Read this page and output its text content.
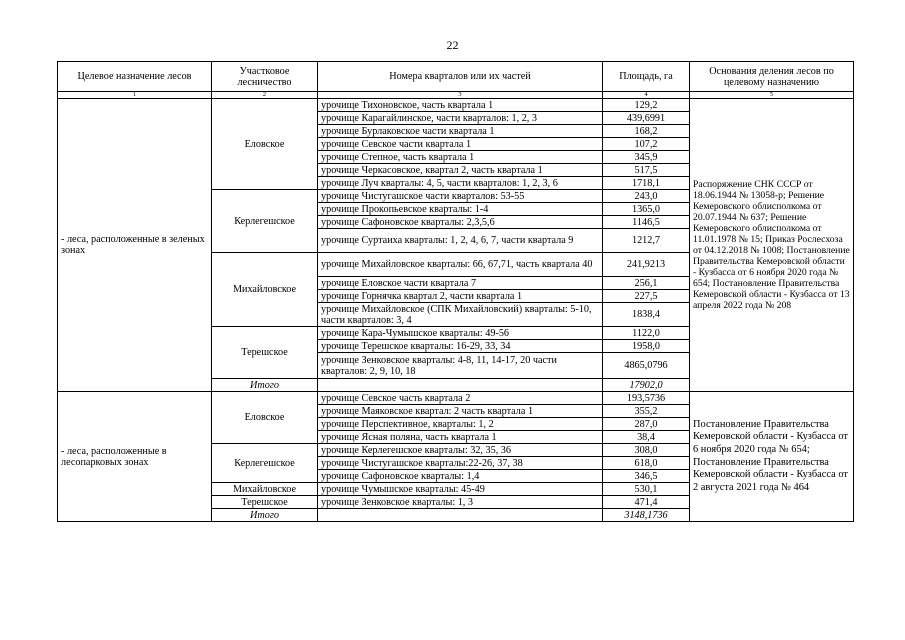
22
Целевое назначение лесов	Участковое лесничество	Номера кварталов или их частей	Площадь, га	Основания деления лесов по целевому назначению
1	2	3	4	5
- леса, расположенные в зеленых зонах	Еловское	урочище Тихоновское, часть квартала 1	129,2	Распоряжение СНК СССР от 18.06.1944 № 13058-р; Решение Кемеровского облисполкома от 20.07.1944 № 637; Решение Кемеровского облисполкома от 11.01.1978 № 15; Приказ Рослесхоза от 04.12.2018 № 1008; Постановление Правительства Кемеровской области - Кузбасса от 6 ноября 2020 года № 654; Постановление Правительства Кемеровской области - Кузбасса от 13 апреля 2022 года № 208
		урочище Карагайлинское, части кварталов: 1, 2, 3	439,6991	
		урочище Бурлаковское части квартала 1	168,2	
		урочище Севское части квартала 1	107,2	
		урочище Степное, часть квартала 1	345,9	
		урочище Черкасовское, квартал 2, часть квартала 1	517,5	
		урочище Луч кварталы: 4, 5, части кварталов: 1, 2, 3, 6	1718,1	
	Керлегешское	урочище Чистугашское части кварталов: 53-55	243,0	
		урочище Прокопьевское кварталы: 1-4	1365,0	
		урочище Сафоновское кварталы: 2,3,5,6	1146,5	
		урочище Суртаиха кварталы: 1, 2, 4, 6, 7, части квартала 9	1212,7	
	Михайловское	урочище Михайловское кварталы: 66, 67,71, часть квартала 40	241,9213	
		урочище Еловское части квартала 7	256,1	
		урочище Горнячка квартал 2, части квартала 1	227,5	
		урочище Михайловское (СПК Михайловский) кварталы: 5-10, части кварталов: 3, 4	1838,4	
	Терешское	урочище Кара-Чумышское кварталы: 49-56	1122,0	
		урочище Терешское кварталы: 16-29, 33, 34	1958,0	
		урочище Зенковское кварталы: 4-8, 11, 14-17, 20 части кварталов: 2, 9, 10, 18	4865,0796	
	Итого		17902,0	
- леса, расположенные в лесопарковых зонах	Еловское	урочище Севское часть квартала 2	193,5736	Постановление Правительства Кемеровской области - Кузбасса от 6 ноября 2020 года № 654; Постановление Правительства Кемеровской области - Кузбасса от 2 августа 2021 года № 464
		урочище Маяковское квартал: 2 часть квартала 1	355,2	
		урочище Перспективное, кварталы: 1, 2	287,0	
		урочище Ясная поляна, часть квартала 1	38,4	
	Керлегешское	урочище Керлегешское кварталы: 32, 35, 36	308,0	
		урочище Чистугашское кварталы:22-26, 37, 38	618,0	
		урочище Сафоновское кварталы: 1,4	346,5	
	Михайловское	урочище Чумышское кварталы: 45-49	530,1	
	Терешское	урочище Зенковское кварталы: 1, 3	471,4	
	Итого		3148,1736	
